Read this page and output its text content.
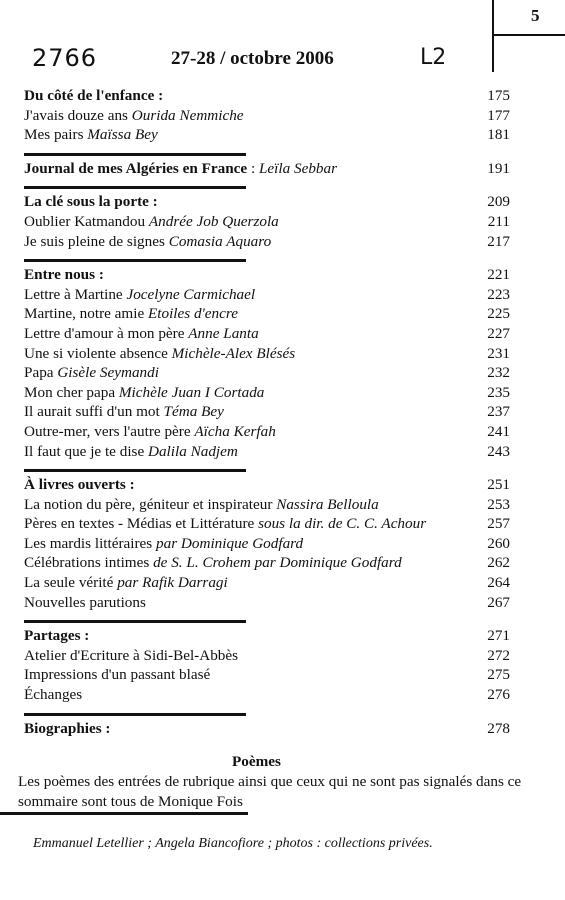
5
2766	27-28 / octobre 2006	L2
Du côté de l'enfance :	175
J'avais douze ans Ourida Nemmiche	177
Mes pairs Maïssa Bey	181
Journal de mes Algéries en France : Leïla Sebbar	191
La clé sous la porte :	209
Oublier Katmandou Andrée Job Querzola	211
Je suis pleine de signes Comasia Aquaro	217
Entre nous :	221
Lettre à Martine Jocelyne Carmichael	223
Martine, notre amie Etoiles d'encre	225
Lettre d'amour à mon père Anne Lanta	227
Une si violente absence Michèle-Alex Blésés	231
Papa Gisèle Seymandi	232
Mon cher papa Michèle Juan I Cortada	235
Il aurait suffi d'un mot Téma Bey	237
Outre-mer, vers l'autre père Aïcha Kerfah	241
Il faut que je te dise Dalila Nadjem	243
À livres ouverts :	251
La notion du père, géniteur et inspirateur Nassira Belloula	253
Pères en textes - Médias et Littérature sous la dir. de C. C. Achour	257
Les mardis littéraires par Dominique Godfard	260
Célébrations intimes de S. L. Crohem par Dominique Godfard	262
La seule vérité par Rafik Darragi	264
Nouvelles parutions	267
Partages :	271
Atelier d'Ecriture à Sidi-Bel-Abbès	272
Impressions d'un passant blasé	275
Échanges	276
Biographies :	278
Poèmes
Les poèmes des entrées de rubrique ainsi que ceux qui ne sont pas signalés dans ce sommaire sont tous de Monique Fois
Emmanuel Letellier ; Angela Biancofiore ; photos : collections privées.
